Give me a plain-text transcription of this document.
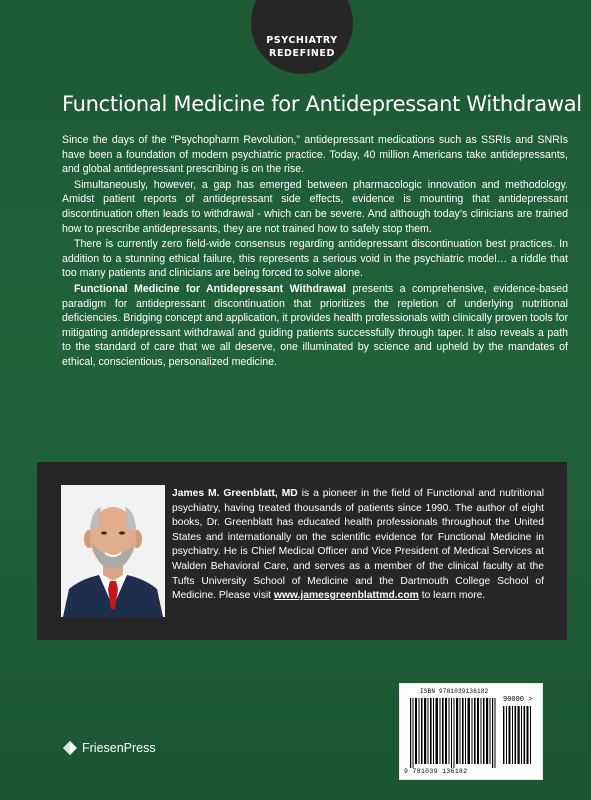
PSYCHIATRY
REDEFINED
Functional Medicine for Antidepressant Withdrawal

Since the days of the “Psychopharm Revolution,” antidepressant medications such as SSRIs and SNRIs have been a foundation of modern psychiatric practice. Today, 40 million Americans take antidepressants, and global antidepressant prescribing is on the rise.

Simultaneously, however, a gap has emerged between pharmacologic innovation and methodology. Amidst patient reports of antidepressant side effects, evidence is mounting that antidepressant discontinuation often leads to withdrawal - which can be severe. And although today’s clinicians are trained how to prescribe antidepressants, they are not trained how to safely stop them.

There is currently zero field-wide consensus regarding antidepressant discontinuation best practices. In addition to a stunning ethical failure, this represents a serious void in the psychiatric model… a riddle that too many patients and clinicians are being forced to solve alone.

Functional Medicine for Antidepressant Withdrawal presents a comprehensive, evidence-based paradigm for antidepressant discontinuation that prioritizes the repletion of underlying nutritional deficiencies. Bridging concept and application, it provides health professionals with clinically proven tools for mitigating antidepressant withdrawal and guiding patients successfully through taper. It also reveals a path to the standard of care that we all deserve, one illuminated by science and upheld by the mandates of ethical, conscientious, personalized medicine.

James M. Greenblatt, MD is a pioneer in the field of Functional and nutritional psychiatry, having treated thousands of patients since 1990. The author of eight books, Dr. Greenblatt has educated health professionals throughout the United States and internationally on the scientific evidence for Functional Medicine in psychiatry. He is Chief Medical Officer and Vice President of Medical Services at Walden Behavioral Care, and serves as a member of the clinical faculty at the Tufts University School of Medicine and the Dartmouth College School of Medicine. Please visit www.jamesgreenblattmd.com to learn more.
FriesenPress
ISBN 9781039136182
90000 >
9 781039 136182
